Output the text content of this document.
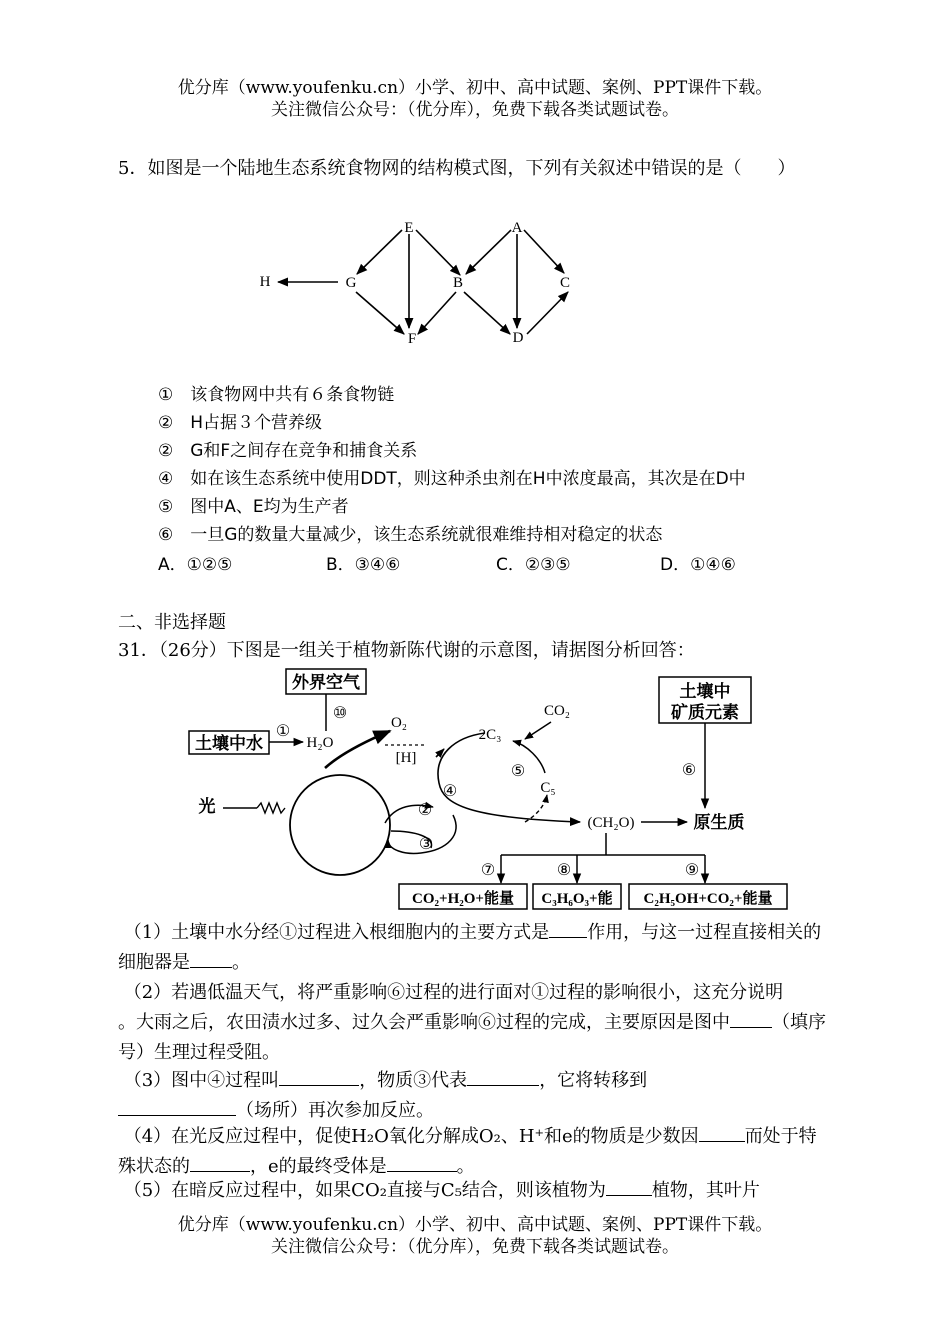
优分库（www.youfenku.cn）小学、初中、高中试题、案例、PPT课件下载。
关注微信公众号：（优分库），免费下载各类试题试卷。
5．如图是一个陆地生态系统食物网的结构模式图，下列有关叙述中错误的是（　　）
E	A
H	G	B	C
F	D
①　该食物网中共有６条食物链
②　H占据３个营养级
②　G和F之间存在竞争和捕食关系
④　如在该生态系统中使用DDT，则这种杀虫剂在H中浓度最高，其次是在D中
⑤　图中A、E均为生产者
⑥　一旦G的数量大量减少，该生态系统就很难维持相对稳定的状态
A．①②⑤	B．③④⑥	C．②③⑤	D．①④⑥
二、非选择题
31．（26分）下图是一组关于植物新陈代谢的示意图，请据图分析回答：
外界空气
土壤中水
土壤中
矿质元素
⑩
①
H₂O
光
O₂
[H]
④
2C₃
⑤
C₅
CO₂
②
③
(CH₂O)	原生质
⑥
⑦	⑧	⑨
CO₂+H₂O+能量 C₃H₆O₃+能 C₂H₅OH+CO₂+能量
（1）土壤中水分经①过程进入根细胞内的主要方式是 作用，与这一过程直接相关的
细胞器是 。
（2）若遇低温天气，将严重影响⑥过程的进行面对①过程的影响很小，这充分说明
。大雨之后，农田渍水过多、过久会严重影响⑥过程的完成，主要原因是图中 （填序
号）生理过程受阻。
（3）图中④过程叫	，物质③代表	，它将转移到
（场所）再次参加反应。
（4）在光反应过程中，促使H₂O氧化分解成O₂、H⁺和e的物质是少数因	而处于特
殊状态的	，e的最终受体是	。
（5）在暗反应过程中，如果CO₂直接与C₅结合，则该植物为	植物，其叶片
优分库（www.youfenku.cn）小学、初中、高中试题、案例、PPT课件下载。
关注微信公众号：（优分库），免费下载各类试题试卷。
